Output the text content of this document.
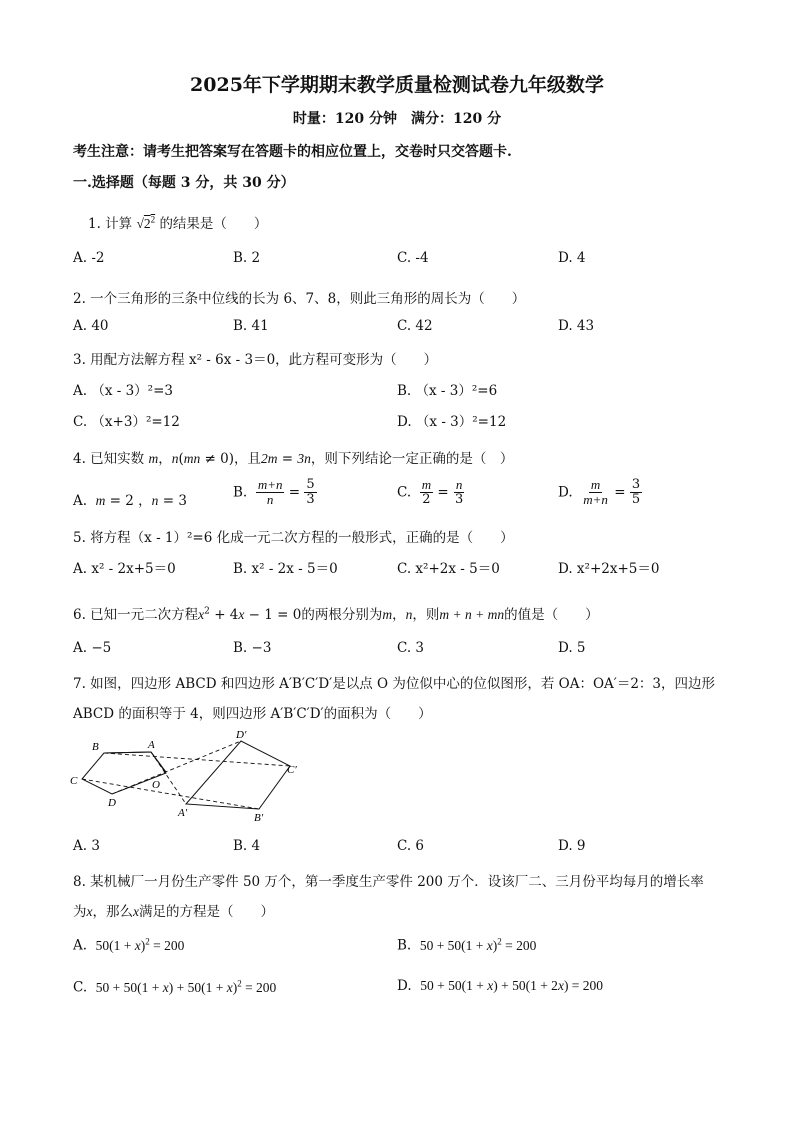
2025年下学期期末教学质量检测试卷九年级数学
时量：120 分钟　满分：120 分
考生注意：请考生把答案写在答题卡的相应位置上，交卷时只交答题卡.
一.选择题（每题 3 分，共 30 分）
1. 计算 $√2^2$ 的结果是（　　）
A. -2	B. 2	C. -4	D. 4
2. 一个三角形的三条中位线的长为 6、7、8，则此三角形的周长为（　　）
A. 40	B. 41	C. 42	D. 43
3. 用配方法解方程 x² - 6x - 3＝0，此方程可变形为（　　）
A. （x - 3）²=3	B. （x - 3）²=6
C. （x+3）²=12	D. （x - 3）²=12
4. 已知实数 m，n(mn ≠ 0)，且2m = 3n，则下列结论一定正确的是（　）
A. m = 2 ，n = 3
B. $\frac{m+n}{n} = \frac{5}{3}$	C. $\frac{m}{2} = \frac{n}{3}$	D. $\frac{m}{m+n} = \frac{3}{5}$
5. 将方程（x - 1）²=6 化成一元二次方程的一般形式，正确的是（　　）
A. x² - 2x+5＝0	B. x² - 2x - 5＝0	C. x²+2x - 5＝0	D. x²+2x+5＝0
6. 已知一元二次方程$x^2 + 4x - 1 = 0$的两根分别为m，n，则m + n + mn的值是（　　）
A. −5	B. −3	C. 3	D. 5
7. 如图，四边形 ABCD 和四边形 A′B′C′D′是以点 O 为位似中心的位似图形，若 OA：OA′＝2：3，四边形
ABCD 的面积等于 4，则四边形 A′B′C′D′的面积为（　　）
B	A
C	O
D
D′
C′
A′	B′
A. 3	B. 4	C. 6	D. 9
8. 某机械厂一月份生产零件 50 万个，第一季度生产零件 200 万个．设该厂二、三月份平均每月的增长率
为x，那么x满足的方程是（　　）
A. $50(1 + x)^2 = 200$	B. $50 + 50(1 + x)^2 = 200$
C. $50 + 50(1 + x) + 50(1 + x)^2 = 200$	D. 50 + 50(1 + x) + 50(1 + 2x) = 200
